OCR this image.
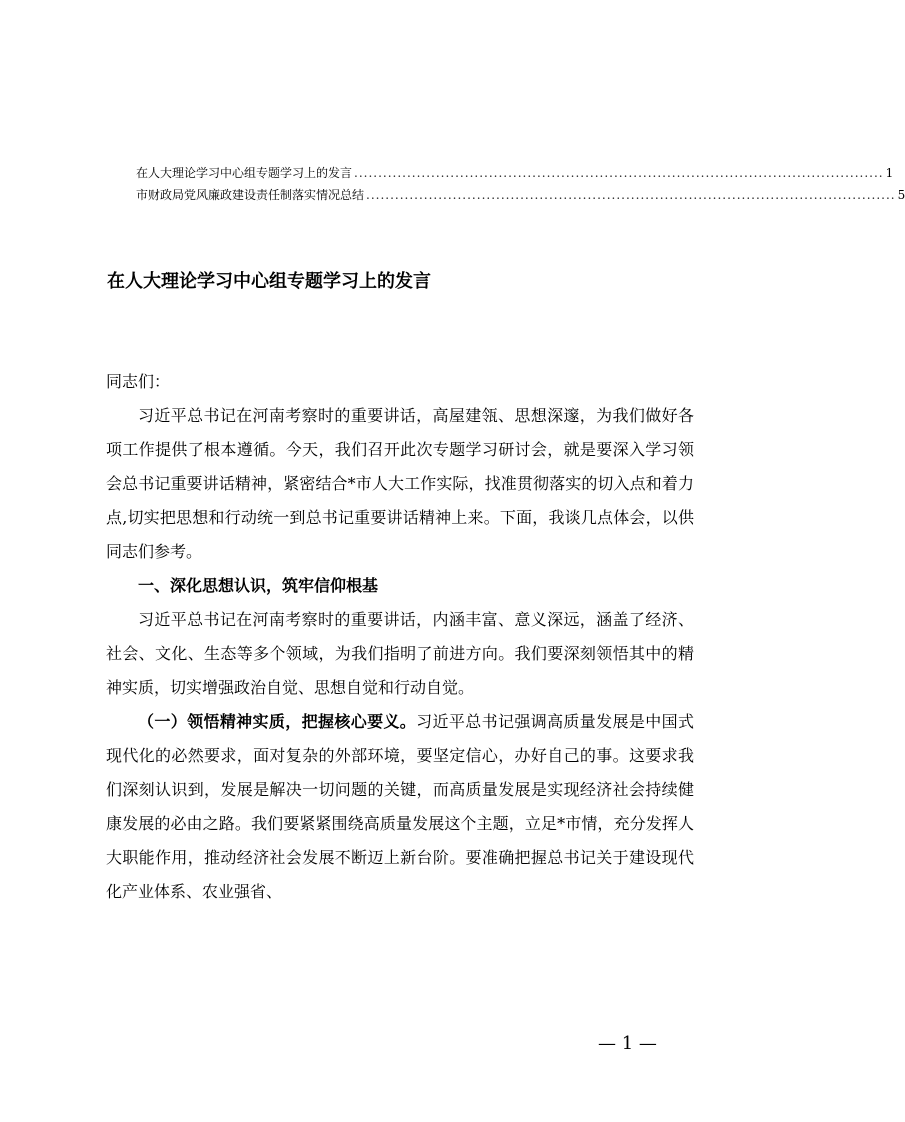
在人大理论学习中心组专题学习上的发言 .............................................................................................................. 1
市财政局党风廉政建设责任制落实情况总结 .............................................................................................................. 5
在人大理论学习中心组专题学习上的发言

同志们：

习近平总书记在河南考察时的重要讲话，高屋建瓴、思想深邃，为我们做好各项工作提供了根本遵循。今天，我们召开此次专题学习研讨会，就是要深入学习领会总书记重要讲话精神，紧密结合*市人大工作实际，找准贯彻落实的切入点和着力点,切实把思想和行动统一到总书记重要讲话精神上来。下面，我谈几点体会，以供同志们参考。

一、深化思想认识，筑牢信仰根基

习近平总书记在河南考察时的重要讲话，内涵丰富、意义深远，涵盖了经济、社会、文化、生态等多个领域，为我们指明了前进方向。我们要深刻领悟其中的精神实质，切实增强政治自觉、思想自觉和行动自觉。

（一）领悟精神实质，把握核心要义。习近平总书记强调高质量发展是中国式现代化的必然要求，面对复杂的外部环境，要坚定信心，办好自己的事。这要求我们深刻认识到，发展是解决一切问题的关键，而高质量发展是实现经济社会持续健康发展的必由之路。我们要紧紧围绕高质量发展这个主题，立足*市情，充分发挥人大职能作用，推动经济社会发展不断迈上新台阶。要准确把握总书记关于建设现代化产业体系、农业强省、

— 1 —
